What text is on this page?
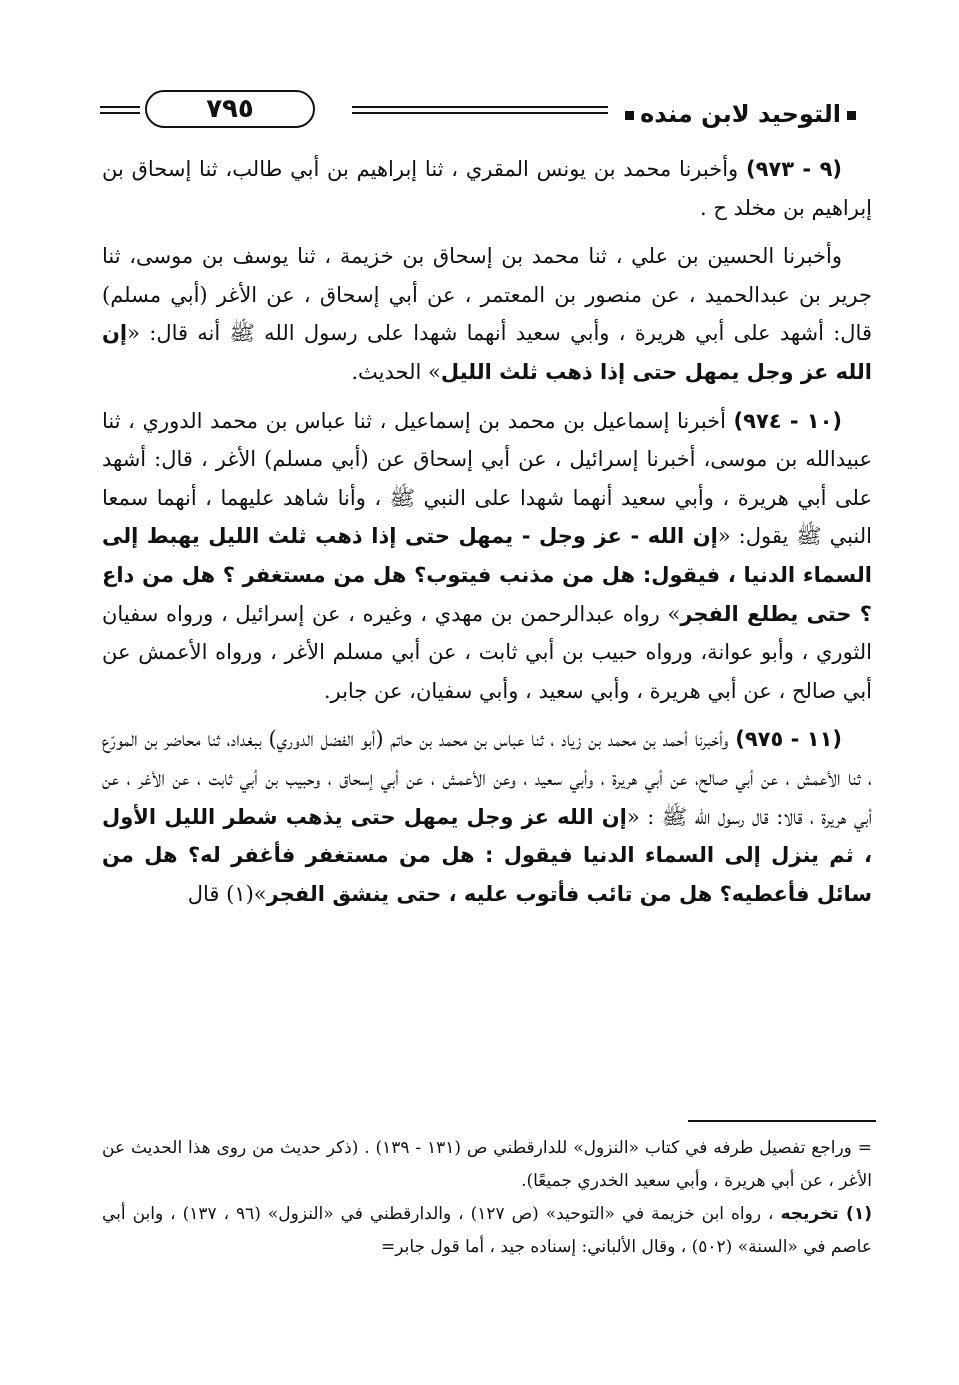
التوحيد لابن منده
٧٩٥

(٩ - ٩٧٣) وأخبرنا محمد بن يونس المقري ، ثنا إبراهيم بن أبي طالب، ثنا إسحاق بن إبراهيم بن مخلد ح .

وأخبرنا الحسين بن علي ، ثنا محمد بن إسحاق بن خزيمة ، ثنا يوسف بن موسى، ثنا جرير بن عبدالحميد ، عن منصور بن المعتمر ، عن أبي إسحاق ، عن الأغر (أبي مسلم) قال: أشهد على أبي هريرة ، وأبي سعيد أنهما شهدا على رسول الله ﷺ أنه قال: «إن الله عز وجل يمهل حتى إذا ذهب ثلث الليل» الحديث.

(١٠ - ٩٧٤) أخبرنا إسماعيل بن محمد بن إسماعيل ، ثنا عباس بن محمد الدوري ، ثنا عبيدالله بن موسى، أخبرنا إسرائيل ، عن أبي إسحاق عن (أبي مسلم) الأغر ، قال: أشهد على أبي هريرة ، وأبي سعيد أنهما شهدا على النبي ﷺ ، وأنا شاهد عليهما ، أنهما سمعا النبي ﷺ يقول: «إن الله - عز وجل - يمهل حتى إذا ذهب ثلث الليل يهبط إلى السماء الدنيا ، فيقول: هل من مذنب فيتوب؟ هل من مستغفر ؟ هل من داع ؟ حتى يطلع الفجر» رواه عبدالرحمن بن مهدي ، وغيره ، عن إسرائيل ، ورواه سفيان الثوري ، وأبو عوانة، ورواه حبيب بن أبي ثابت ، عن أبي مسلم الأغر ، ورواه الأعمش عن أبي صالح ، عن أبي هريرة ، وأبي سعيد ، وأبي سفيان، عن جابر.

(١١ - ٩٧٥) وأخبرنا أحمد بن محمد بن زياد ، ثنا عباس بن محمد بن حاتم (أبو الفضل الدوري) ببغداد، ثنا محاضر بن المورّع ، ثنا الأعمش ، عن أبي صالح، عن أبي هريرة ، وأبي سعيد ، وعن الأعمش ، عن أبي إسحاق ، وحبيب بن أبي ثابت ، عن الأغر ، عن أبي هريرة ، قالا: قال رسول الله ﷺ : «إن الله عز وجل يمهل حتى يذهب شطر الليل الأول ، ثم ينزل إلى السماء الدنيا فيقول : هل من مستغفر فأغفر له؟ هل من سائل فأعطيه؟ هل من تائب فأتوب عليه ، حتى ينشق الفجر»(١) قال

= وراجع تفصيل طرفه في كتاب «النزول» للدارقطني ص (١٣١ - ١٣٩) . (ذكر حديث من روى هذا الحديث عن الأغر ، عن أبي هريرة ، وأبي سعيد الخدري جميعًا).

(١) تخريجه ، رواه ابن خزيمة في «التوحيد» (ص ١٢٧) ، والدارقطني في «النزول» (٩٦ ، ١٣٧) ، وابن أبي عاصم في «السنة» (٥٠٢) ، وقال الألباني: إسناده جيد ، أما قول جابر=
